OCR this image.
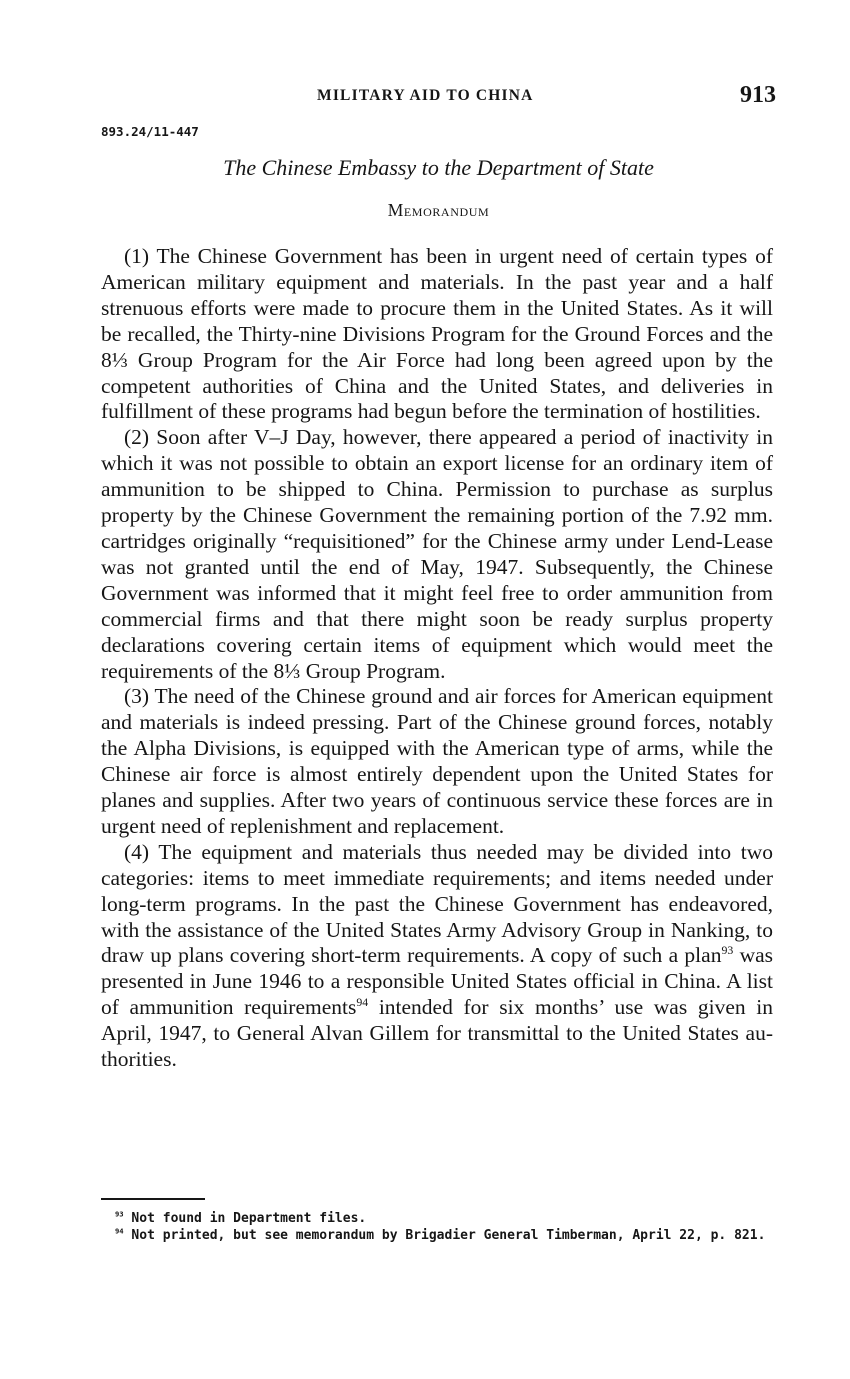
MILITARY AID TO CHINA	913
893.24/11-447
The Chinese Embassy to the Department of State
Memorandum

(1) The Chinese Government has been in urgent need of certain types of American military equipment and materials. In the past year and a half strenuous efforts were made to procure them in the United States. As it will be recalled, the Thirty-nine Divisions Program for the Ground Forces and the 8⅓ Group Program for the Air Force had long been agreed upon by the competent authorities of China and the United States, and deliveries in fulfillment of these programs had begun before the termination of hostilities.

(2) Soon after V–J Day, however, there appeared a period of inactivity in which it was not possible to obtain an export license for an ordinary item of ammunition to be shipped to China. Permission to purchase as surplus property by the Chinese Government the remaining portion of the 7.92 mm. cartridges originally “requisitioned” for the Chinese army under Lend-Lease was not granted until the end of May, 1947. Subsequently, the Chinese Government was informed that it might feel free to order ammunition from commercial firms and that there might soon be ready surplus property declarations covering certain items of equipment which would meet the requirements of the 8⅓ Group Program.

(3) The need of the Chinese ground and air forces for American equipment and materials is indeed pressing. Part of the Chinese ground forces, notably the Alpha Divisions, is equipped with the American type of arms, while the Chinese air force is almost entirely dependent upon the United States for planes and supplies. After two years of continuous service these forces are in urgent need of replenishment and replacement.

(4) The equipment and materials thus needed may be divided into two categories: items to meet immediate requirements; and items needed under long-term programs. In the past the Chinese Government has endeavored, with the assistance of the United States Army Advisory Group in Nanking, to draw up plans covering short-term requirements. A copy of such a plan$^{93}$ was presented in June 1946 to a responsible United States official in China. A list of ammunition requirements$^{94}$ intended for six months’ use was given in April, 1947, to General Alvan Gillem for transmittal to the United States authorities.

$^{93}$ Not found in Department files.

$^{94}$ Not printed, but see memorandum by Brigadier General Timberman, April 22, p. 821.
